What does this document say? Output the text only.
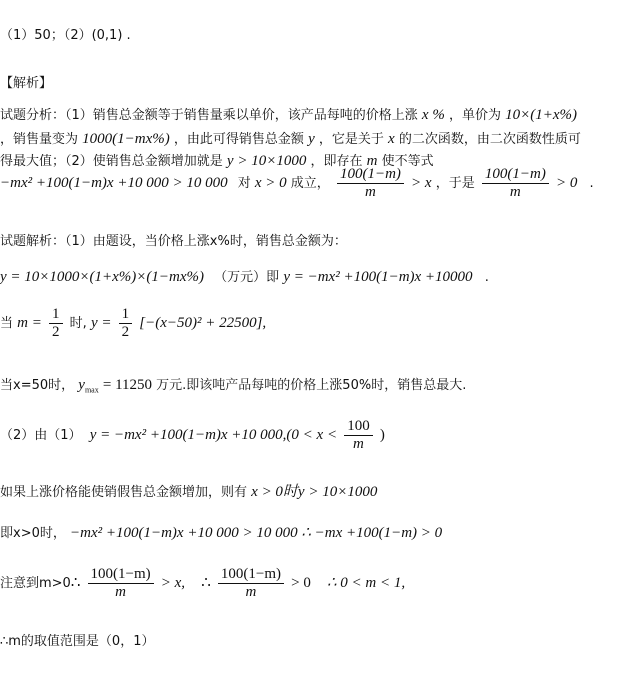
（1）50；（2）(0,1) .
【解析】
试题分析：（1）销售总金额等于销售量乘以单价，该产品每吨的价格上涨 x % ，单价为 10×(1+x%)
，销售量变为 1000(1−mx%) ，由此可得销售总金额 y ，它是关于 x 的二次函数，由二次函数性质可
得最大值；（2）使销售总金额增加就是 y > 10×1000 ，即存在 m 使不等式
−mx² +100(1−m)x +10 000 > 10 000 对 x > 0 成立， $\frac{100(1-m)}{m} > x$ ，于是 $\frac{100(1-m)}{m} > 0$ .
试题解析：（1）由题设，当价格上涨x%时，销售总金额为：
y = 10×1000×(1+x%)×(1−mx%) （万元）即 y = −mx² +100(1−m)x +10000 .
当 $m = \frac{1}{2}$ 时, $y = \frac{1}{2} [-(x-50)^2 + 22500]$,
当x=50时， $y_{max} = 11250$ 万元.即该吨产品每吨的价格上涨50%时，销售总最大.
（2）由（1） y = −mx² +100(1−m)x +10 $000,(0 < x < \frac{100}{m}$ )
如果上涨价格能使销假售总金额增加，则有 x > 0时y > 10×1000
即x>0时， −mx² +100(1−m)x +10 000 > 10 000 ∴ −mx +100(1−m) > 0
注意到m>0∴ $\frac{100(1-m)}{m} > x$, ∴ $\frac{100(1-m)}{m} > 0$ ∴ 0 < m < 1,
∴m的取值范围是（0，1）
